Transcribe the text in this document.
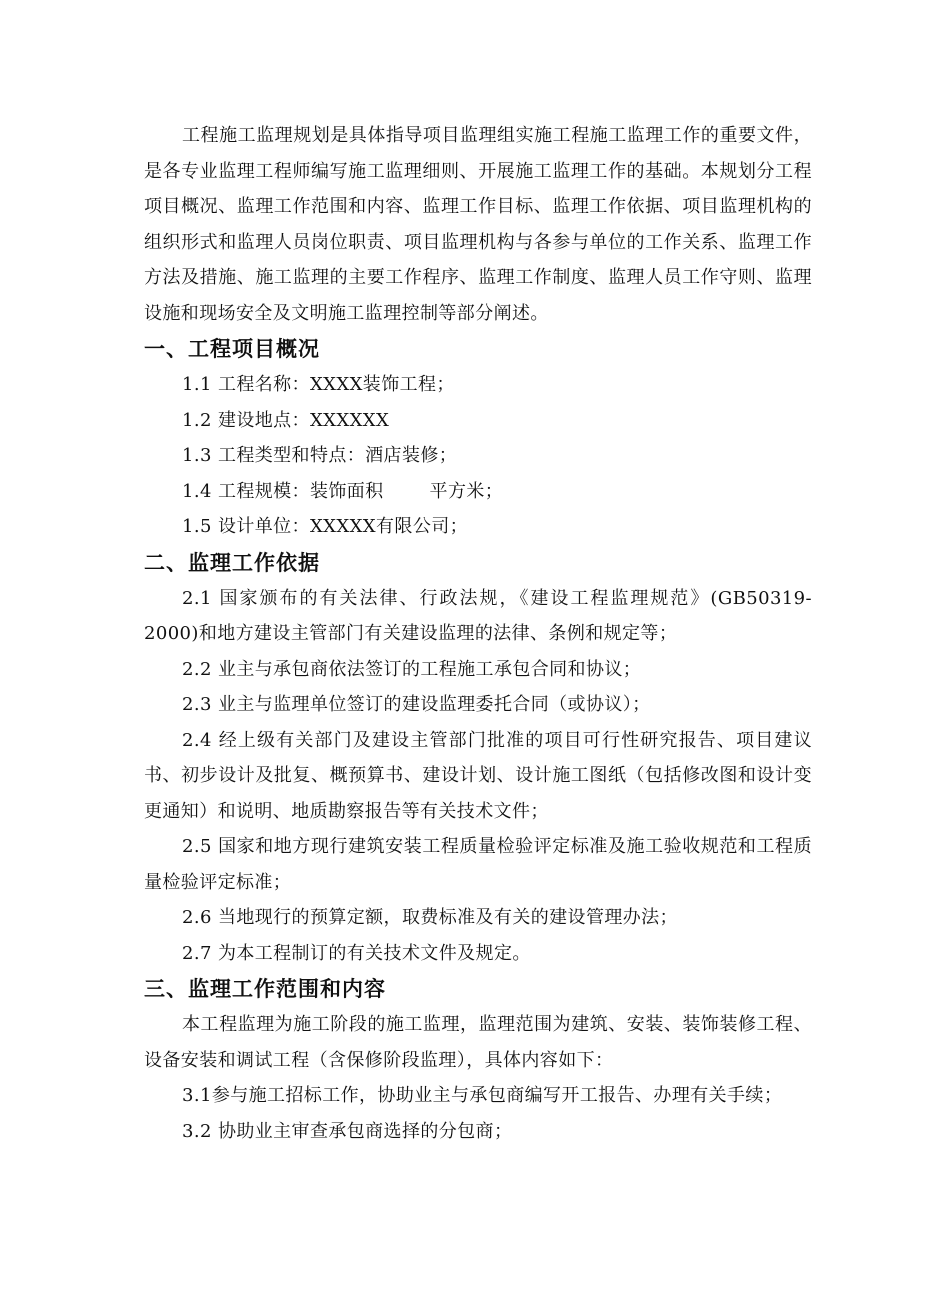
工程施工监理规划是具体指导项目监理组实施工程施工监理工作的重要文件，是各专业监理工程师编写施工监理细则、开展施工监理工作的基础。本规划分工程项目概况、监理工作范围和内容、监理工作目标、监理工作依据、项目监理机构的组织形式和监理人员岗位职责、项目监理机构与各参与单位的工作关系、监理工作方法及措施、施工监理的主要工作程序、监理工作制度、监理人员工作守则、监理设施和现场安全及文明施工监理控制等部分阐述。

一、工程项目概况

1.1 工程名称：XXXX装饰工程；

1.2 建设地点：XXXXXX

1.3 工程类型和特点：酒店装修；

1.4 工程规模：装饰面积	平方米；

1.5 设计单位：XXXXX有限公司；

二、监理工作依据

2.1 国家颁布的有关法律、行政法规，《建设工程监理规范》(GB50319-2000)和地方建设主管部门有关建设监理的法律、条例和规定等；

2.2 业主与承包商依法签订的工程施工承包合同和协议；

2.3 业主与监理单位签订的建设监理委托合同（或协议）；

2.4 经上级有关部门及建设主管部门批准的项目可行性研究报告、项目建议书、初步设计及批复、概预算书、建设计划、设计施工图纸（包括修改图和设计变更通知）和说明、地质勘察报告等有关技术文件；

2.5 国家和地方现行建筑安装工程质量检验评定标准及施工验收规范和工程质量检验评定标准；

2.6 当地现行的预算定额，取费标准及有关的建设管理办法；

2.7 为本工程制订的有关技术文件及规定。

三、监理工作范围和内容

本工程监理为施工阶段的施工监理，监理范围为建筑、安装、装饰装修工程、设备安装和调试工程（含保修阶段监理），具体内容如下：

3.1参与施工招标工作，协助业主与承包商编写开工报告、办理有关手续；

3.2 协助业主审查承包商选择的分包商；
